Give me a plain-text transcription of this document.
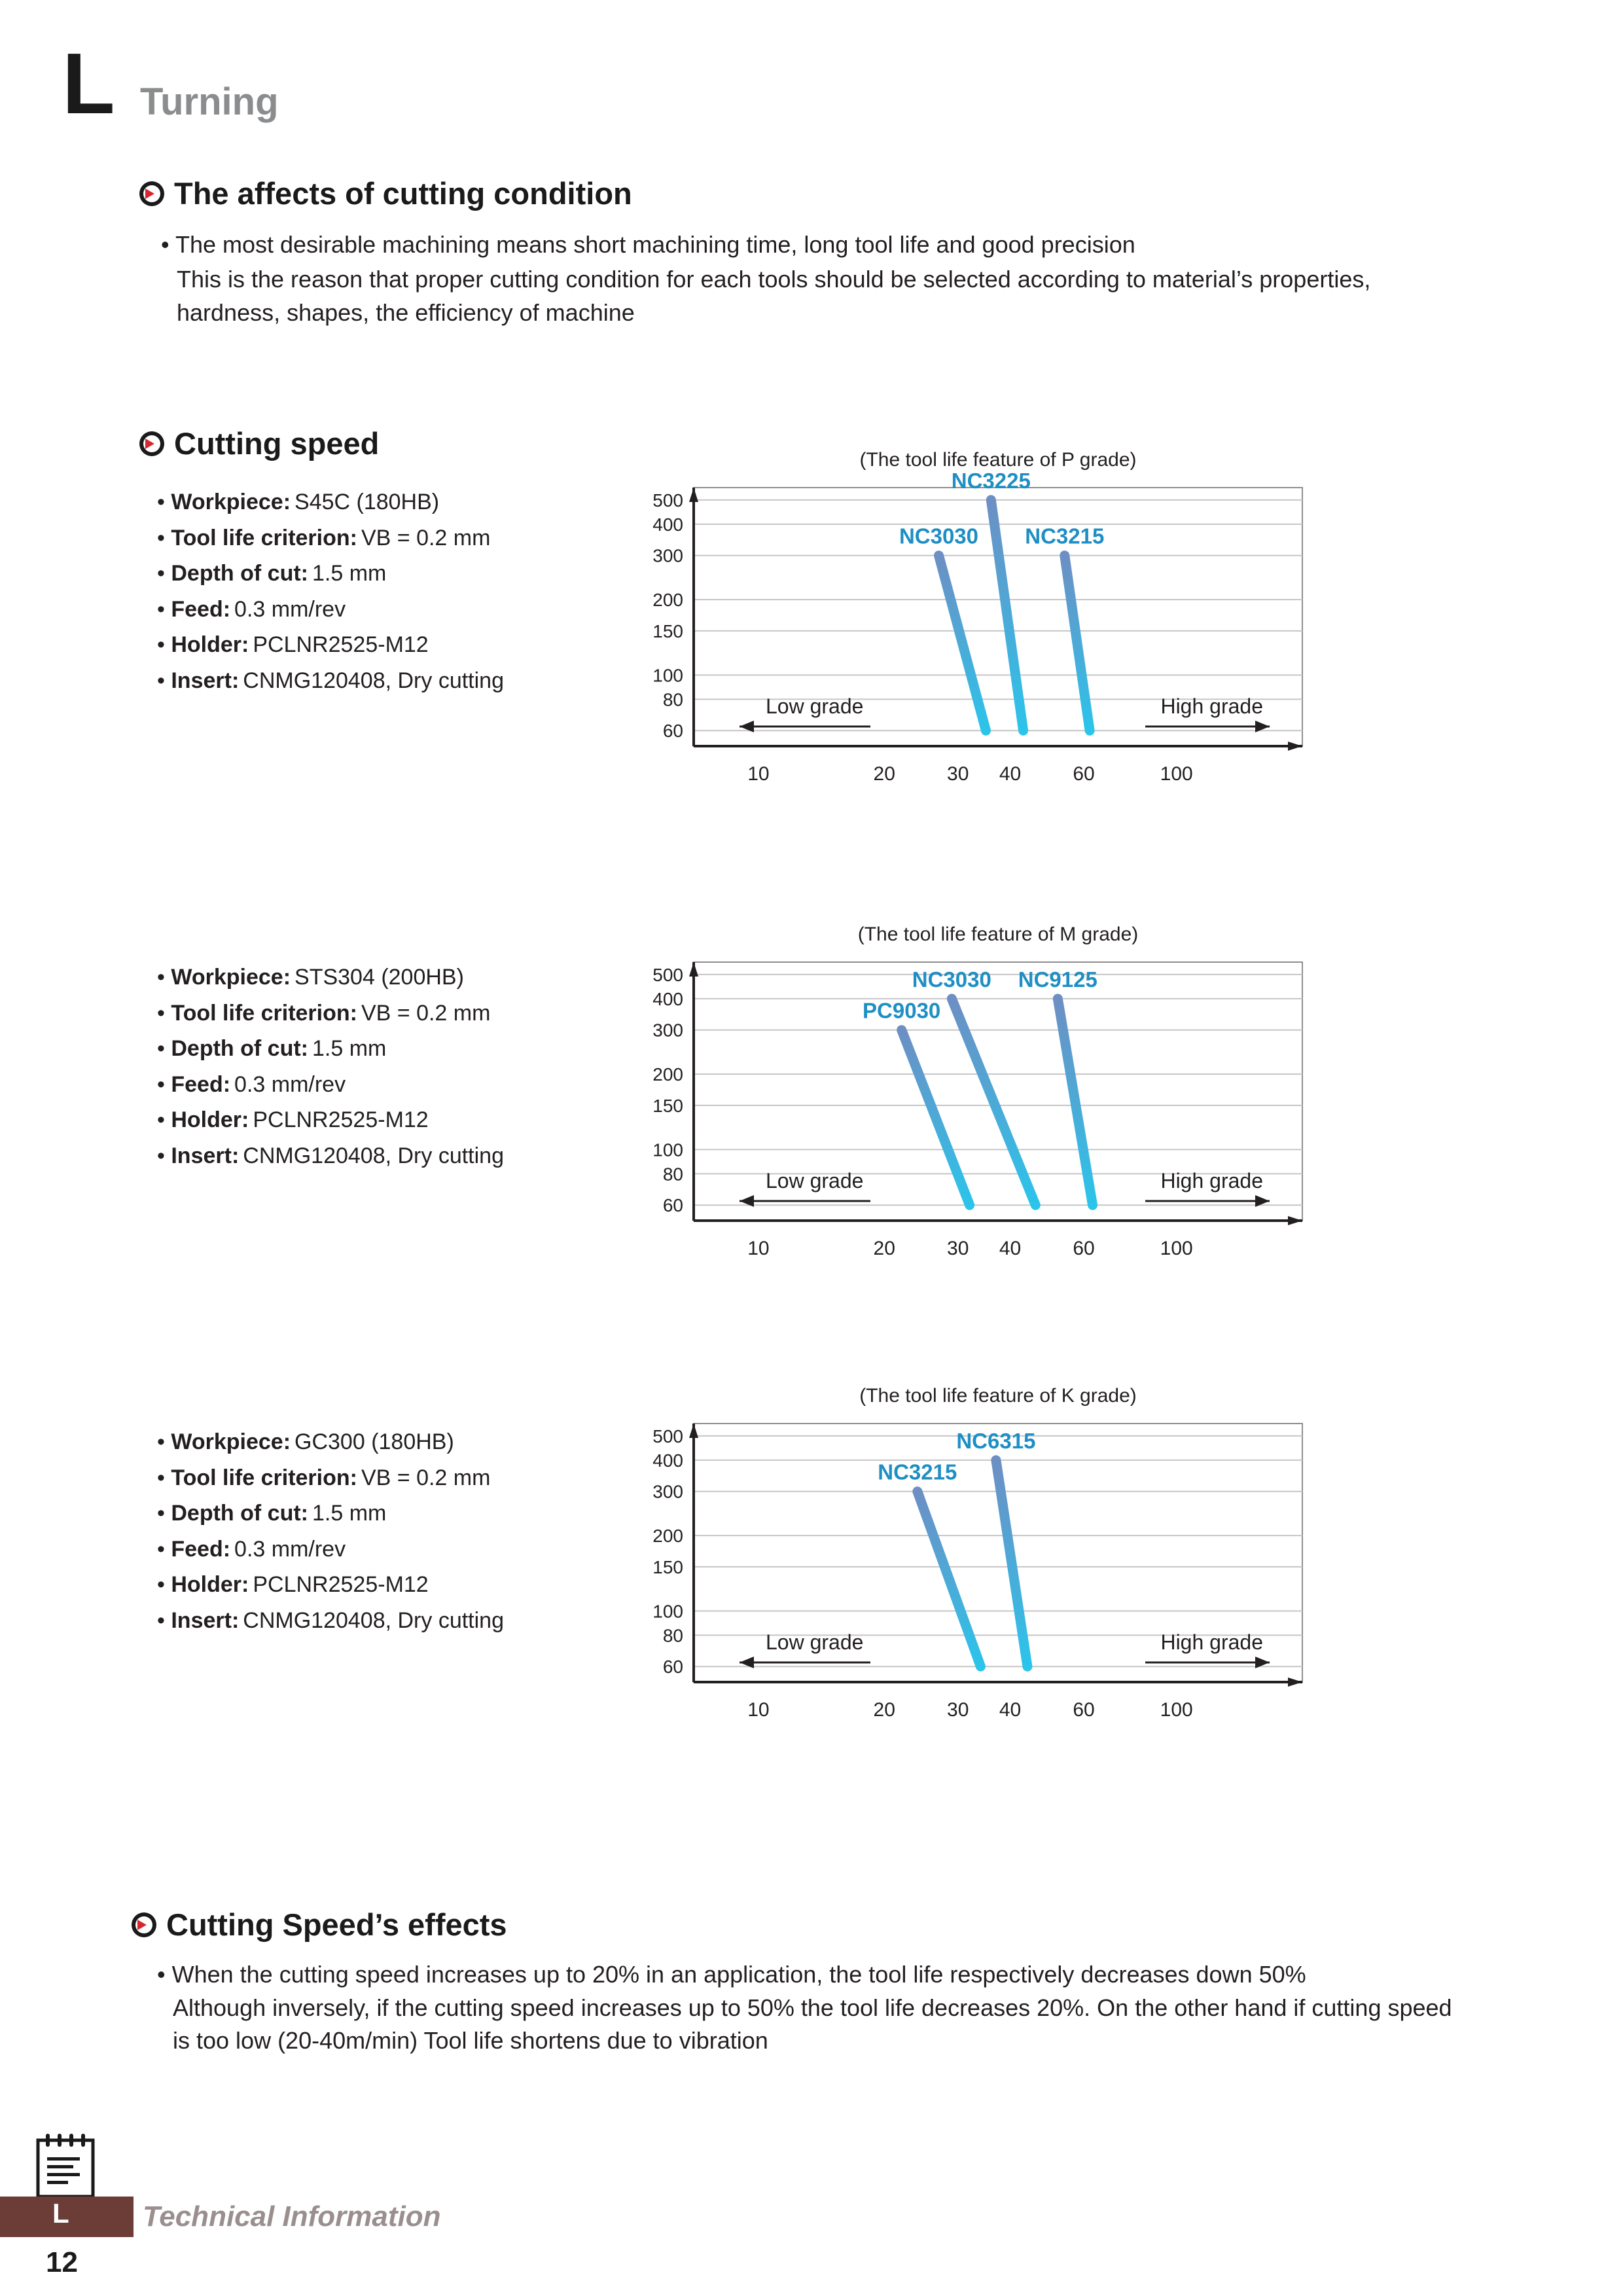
L Turning
The affects of cutting condition
• The most desirable machining means short machining time, long tool life and good precision
This is the reason that proper cutting condition for each tools should be selected according to material’s properties,
hardness, shapes, the efficiency of machine
Cutting speed
• Workpiece: S45C (180HB)
• Tool life criterion: VB = 0.2 mm
• Depth of cut: 1.5 mm
• Feed: 0.3 mm/rev
• Holder: PCLNR2525-M12
• Insert: CNMG120408, Dry cutting
• Workpiece: STS304 (200HB)
• Tool life criterion: VB = 0.2 mm
• Depth of cut: 1.5 mm
• Feed: 0.3 mm/rev
• Holder: PCLNR2525-M12
• Insert: CNMG120408, Dry cutting
• Workpiece: GC300 (180HB)
• Tool life criterion: VB = 0.2 mm
• Depth of cut: 1.5 mm
• Feed: 0.3 mm/rev
• Holder: PCLNR2525-M12
• Insert: CNMG120408, Dry cutting
(The tool life feature of P grade)
500
400
300
200
150
100
80
60
10	20	30 40	60	100
Low grade	High grade
NC3030
NC3225
NC3215
(The tool life feature of M grade)
500
400
300
200
150
100
80
60
10	20	30 40	60	100
Low grade	High grade
PC9030
NC3030 NC9125
(The tool life feature of K grade)
500
400
300
200
150
100
80
60
10	20	30 40	60	100
Low grade	High grade
NC3215
NC6315
Cutting Speed’s effects
• When the cutting speed increases up to 20% in an application, the tool life respectively decreases down 50%
Although inversely, if the cutting speed increases up to 50% the tool life decreases 20%. On the other hand if cutting speed
is too low (20-40m/min) Tool life shortens due to vibration
L	Technical Information
12
